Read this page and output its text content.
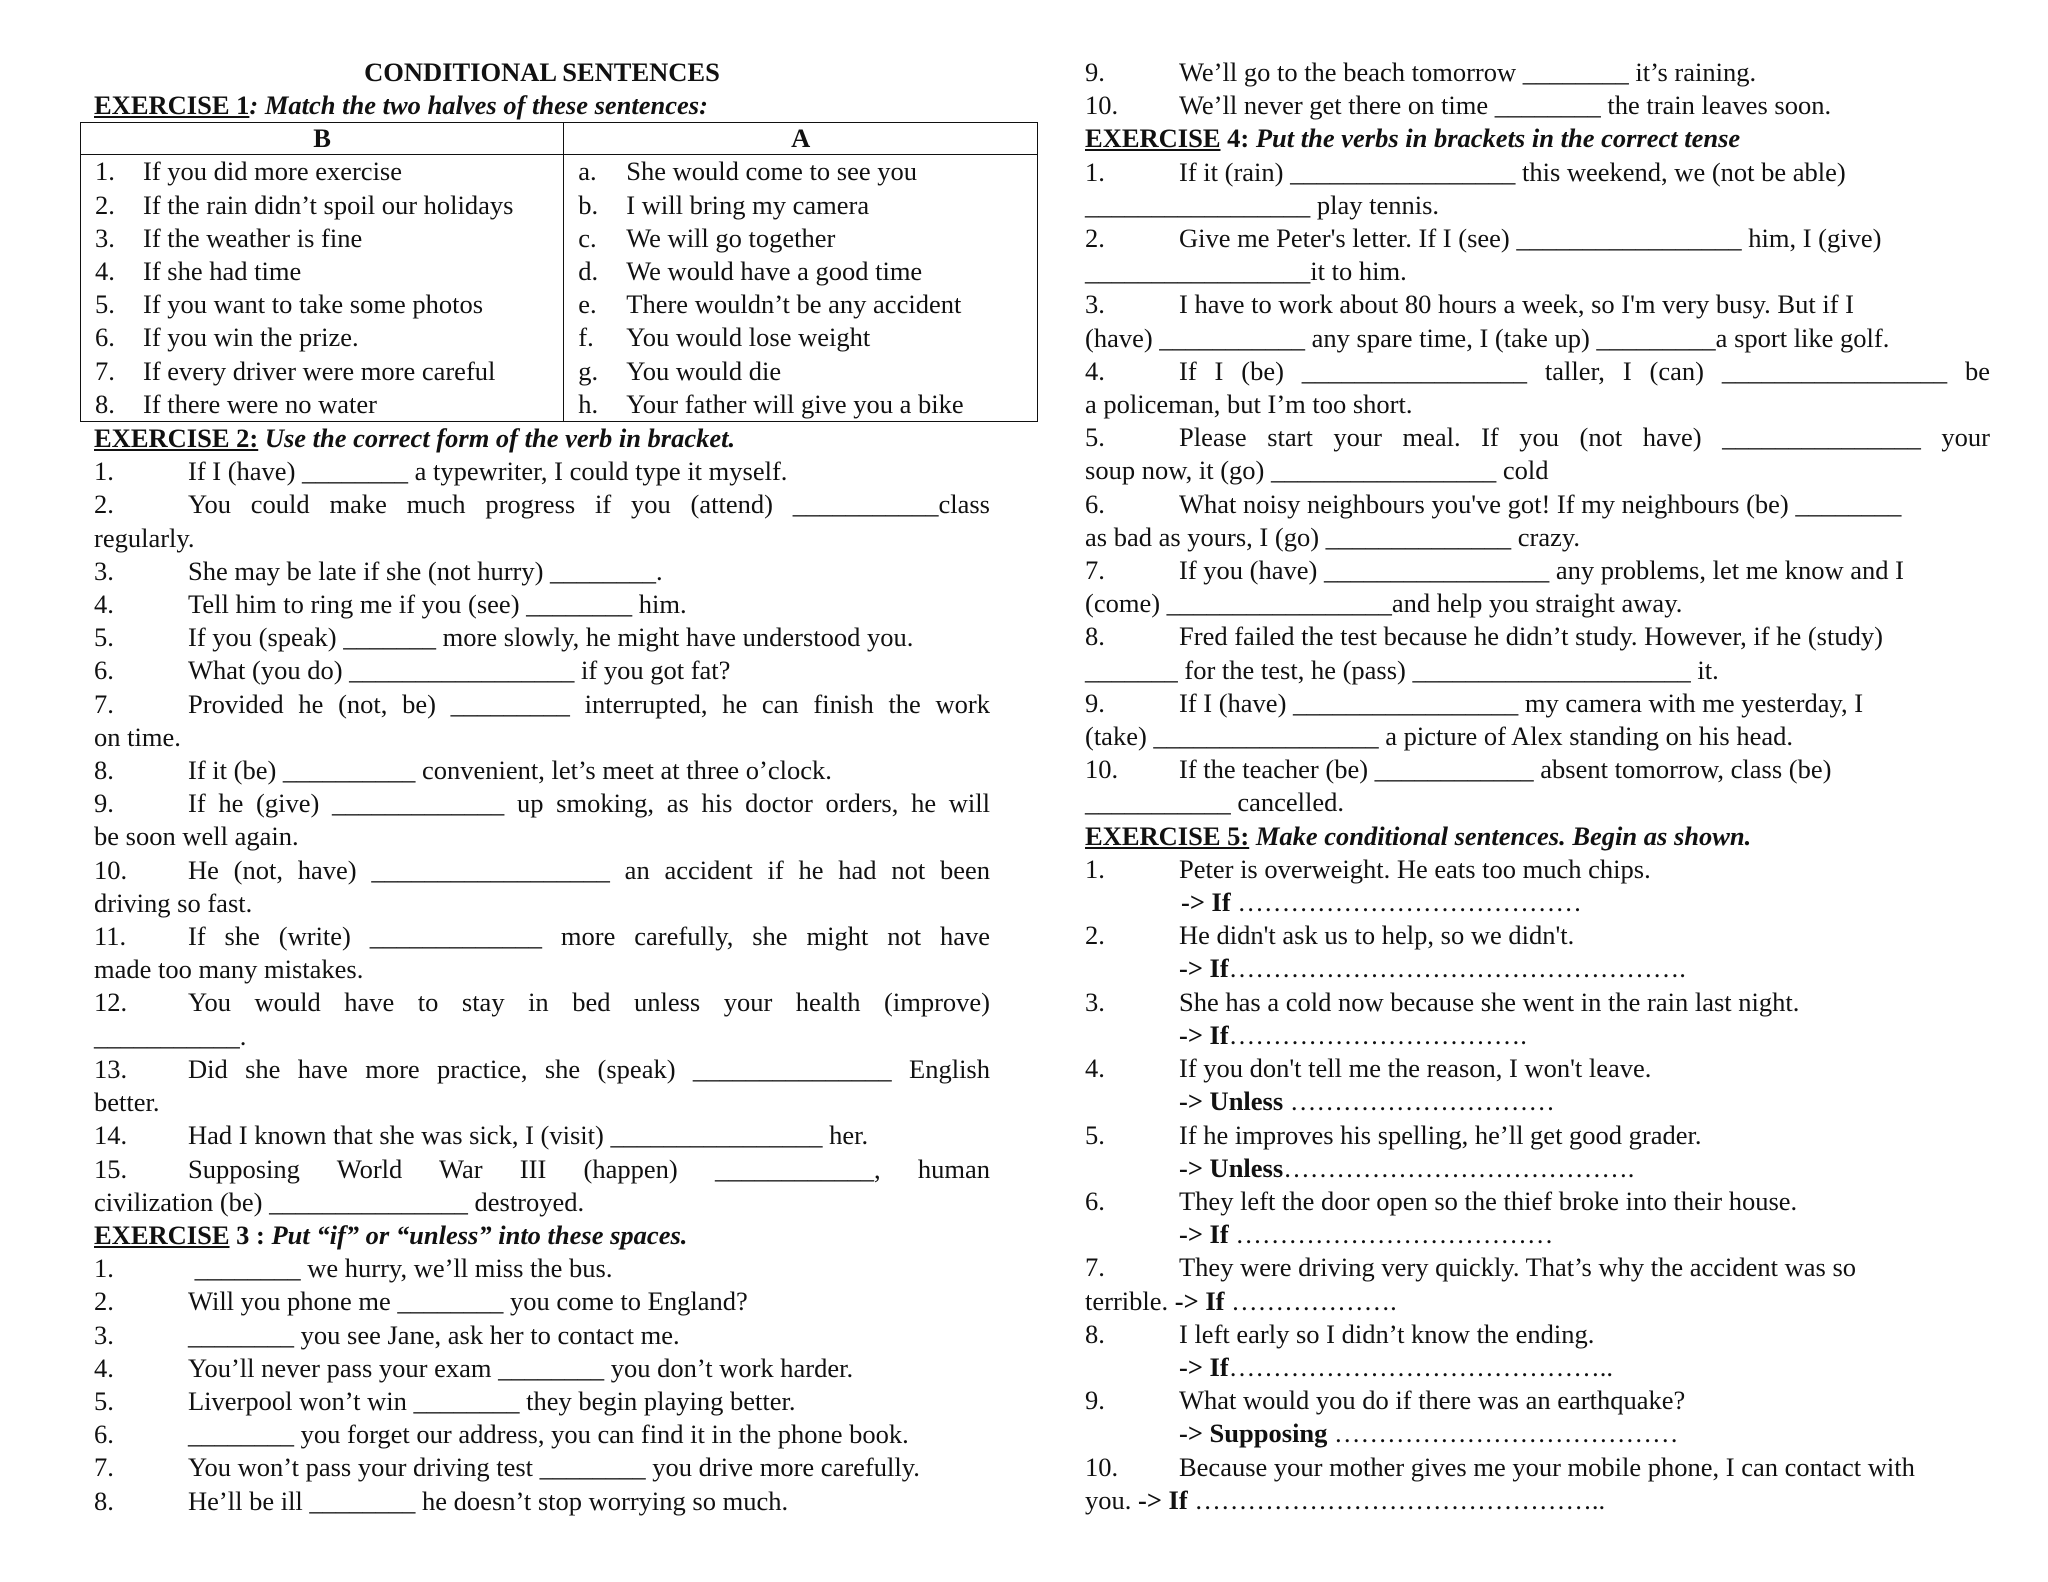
CONDITIONAL SENTENCES
EXERCISE 1: Match the two halves of these sentences:
B	A
1. If you did more exercise	a. She would come to see you
2. If the rain didn’t spoil our holidays	b. I will bring my camera
3. If the weather is fine	c. We will go together
4. If she had time	d. We would have a good time
5. If you want to take some photos	e. There wouldn’t be any accident
6. If you win the prize.	f. You would lose weight
7. If every driver were more careful	g. You would die
8. If there were no water	h. Your father will give you a bike
EXERCISE 2: Use the correct form of the verb in bracket.
1.	If I (have) ________ a typewriter, I could type it myself.
2.	You could make much progress if you (attend) ___________class
regularly.
3.	She may be late if she (not hurry) ________.
4.	Tell him to ring me if you (see) ________ him.
5.	If you (speak) _______ more slowly, he might have understood you.
6.	What (you do) _________________ if you got fat?
7.	Provided he (not, be) _________ interrupted, he can finish the work
on time.
8.	If it (be) __________ convenient, let’s meet at three o’clock.
9.	If he (give) _____________ up smoking, as his doctor orders, he will
be soon well again.
10.	He (not, have) __________________ an accident if he had not been
driving so fast.
11.	If she (write) _____________ more carefully, she might not have
made too many mistakes.
12.	You would have to stay in bed unless your health (improve)
___________.
13.	Did she have more practice, she (speak) _______________ English
better.
14. Had I known that she was sick, I (visit) ________________ her.
15.	Supposing World War III (happen) ____________, human
civilization (be) _______________ destroyed.
EXERCISE 3 : Put “if” or “unless” into these spaces.
1.	________ we hurry, we’ll miss the bus.
2.	Will you phone me ________ you come to England?
3.	________ you see Jane, ask her to contact me.
4.	You’ll never pass your exam ________ you don’t work harder.
5.	Liverpool won’t win ________ they begin playing better.
6.	________ you forget our address, you can find it in the phone book.
7.	You won’t pass your driving test ________ you drive more carefully.
8.	He’ll be ill ________ he doesn’t stop worrying so much.
9.	We’ll go to the beach tomorrow ________ it’s raining.
10. We’ll never get there on time ________ the train leaves soon.
EXERCISE 4: Put the verbs in brackets in the correct tense
1.	If it (rain) _________________ this weekend, we (not be able)
_________________ play tennis.
2.	Give me Peter's letter. If I (see) _________________ him, I (give)
_________________it to him.
3.	I have to work about 80 hours a week, so I'm very busy. But if I
(have) ___________ any spare time, I (take up) _________a sport like golf.
4.	If I (be) _________________ taller, I (can) _________________ be
a policeman, but I’m too short.
5.	Please start your meal. If you (not have) _______________ your
soup now, it (go) _________________ cold
6.	What noisy neighbours you've got! If my neighbours (be) ________
as bad as yours, I (go) ______________ crazy.
7.	If you (have) _________________ any problems, let me know and I
(come) _________________and help you straight away.
8.	Fred failed the test because he didn’t study. However, if he (study)
_______ for the test, he (pass) _____________________ it.
9.	If I (have) _________________ my camera with me yesterday, I
(take) _________________ a picture of Alex standing on his head.
10. If the teacher (be) ____________ absent tomorrow, class (be)
___________ cancelled.
EXERCISE 5: Make conditional sentences. Begin as shown.
1.	Peter is overweight. He eats too much chips.
-> If …………………………………
2.	He didn't ask us to help, so we didn't.
-> If…………………………………………….
3.	She has a cold now because she went in the rain last night.
-> If…………………………….
4.	If you don't tell me the reason, I won't leave.
-> Unless …………………………
5.	If he improves his spelling, he’ll get good grader.
-> Unless………………………………….
6.	They left the door open so the thief broke into their house.
-> If ………………………………
7.	They were driving very quickly. That’s why the accident was so
terrible. -> If ……………….
8.	I left early so I didn’t know the ending.
-> If……………………………………..
9.	What would you do if there was an earthquake?
-> Supposing …………………………………
10. Because your mother gives me your mobile phone, I can contact with
you. -> If ………………………………………..
